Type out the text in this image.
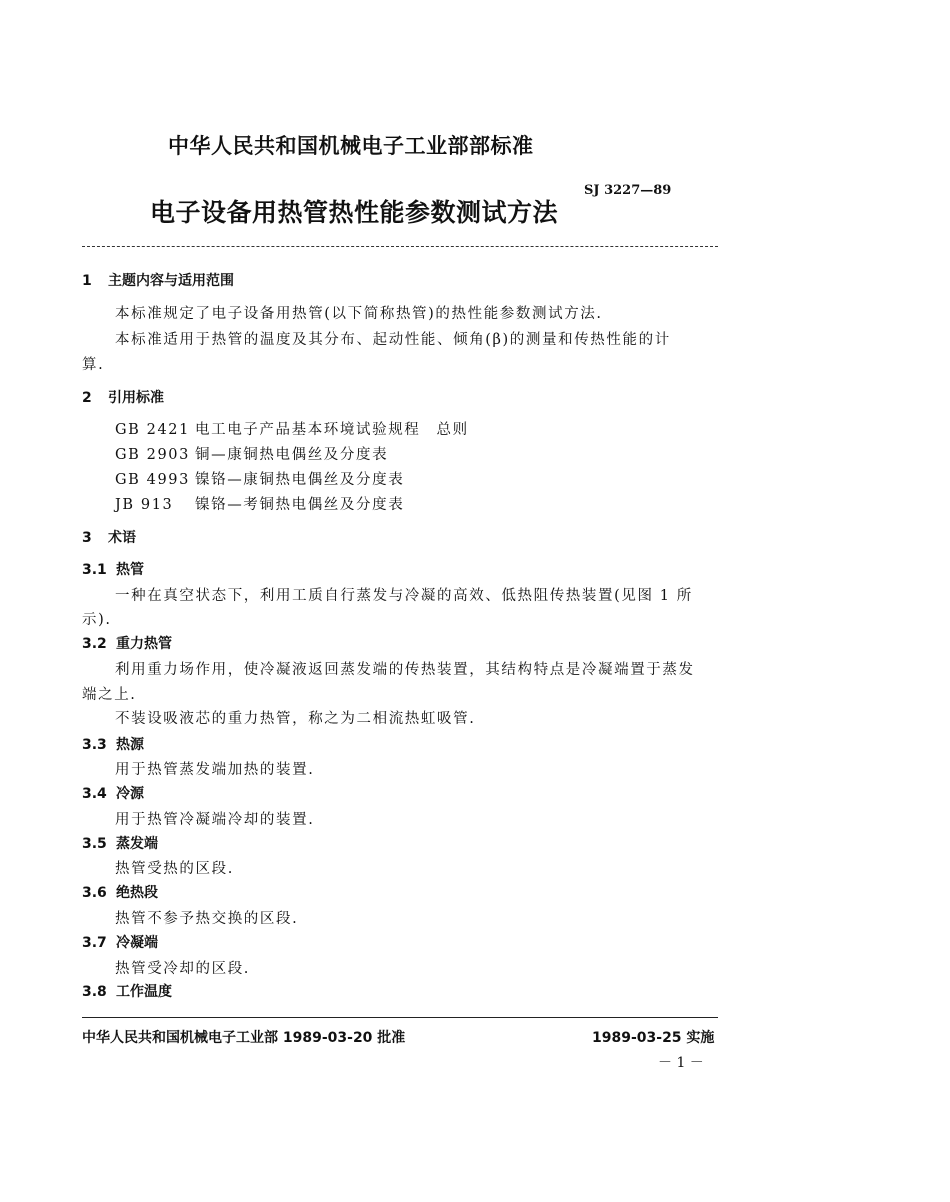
中华人民共和国机械电子工业部部标准
SJ 3227—89
电子设备用热管热性能参数测试方法
1 主题内容与适用范围
本标准规定了电子设备用热管(以下简称热管)的热性能参数测试方法.
本标准适用于热管的温度及其分布、起动性能、倾角(β)的测量和传热性能的计
算.
2 引用标准
GB 2421 电工电子产品基本环境试验规程　总则
GB 2903 铜—康铜热电偶丝及分度表
GB 4993 镍铬—康铜热电偶丝及分度表
JB 913 镍铬—考铜热电偶丝及分度表
3 术语
3.1 热管
一种在真空状态下，利用工质自行蒸发与冷凝的高效、低热阻传热装置(见图 1 所
示).
3.2 重力热管
利用重力场作用，使冷凝液返回蒸发端的传热装置，其结构特点是冷凝端置于蒸发
端之上.
不装设吸液芯的重力热管，称之为二相流热虹吸管.
3.3 热源
用于热管蒸发端加热的装置.
3.4 冷源
用于热管冷凝端冷却的装置.
3.5 蒸发端
热管受热的区段.
3.6 绝热段
热管不参予热交换的区段.
3.7 冷凝端
热管受冷却的区段.
3.8 工作温度
中华人民共和国机械电子工业部 1989-03-20 批准	1989-03-25 实施
－ 1 －
